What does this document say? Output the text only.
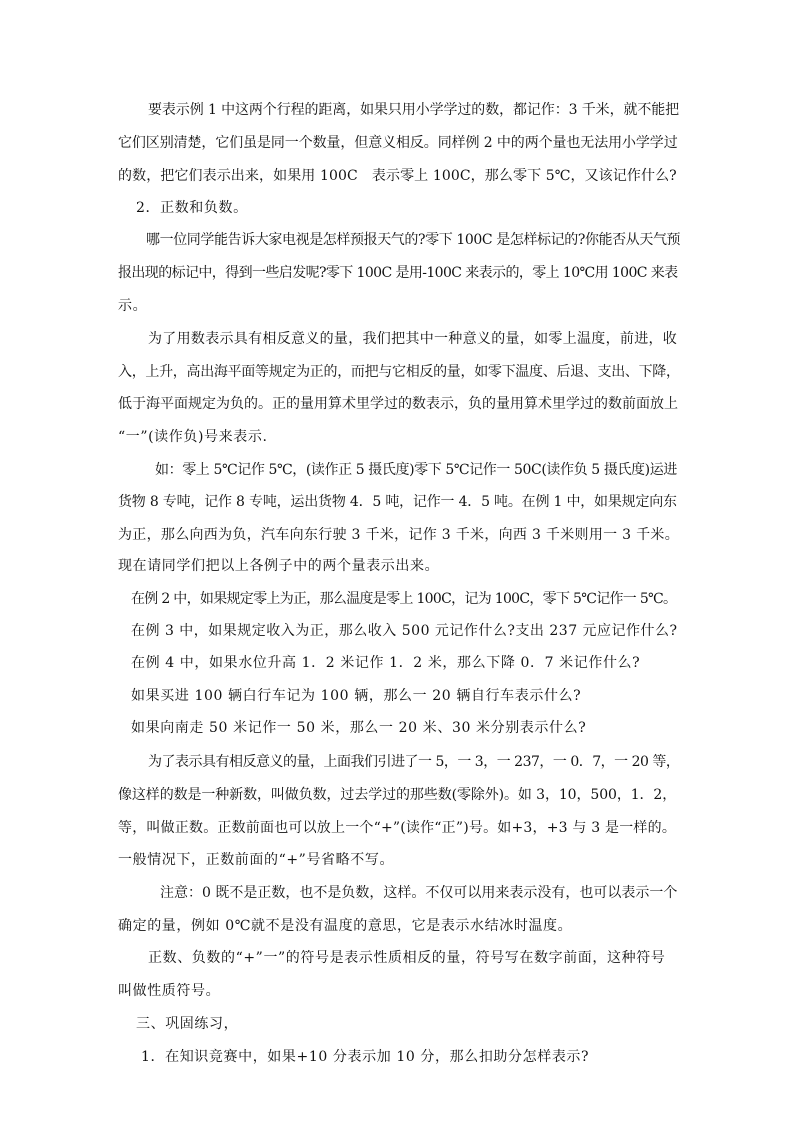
要表示例 1 中这两个行程的距离，如果只用小学学过的数，都记作：3 千米，就不能把
它们区别清楚，它们虽是同一个数量，但意义相反。同样例 2 中的两个量也无法用小学学过
的数，把它们表示出来，如果用 100C　表示零上 100C，那么零下 5℃，又该记作什么?
2．正数和负数。
哪一位同学能告诉大家电视是怎样预报天气的?零下 100C 是怎样标记的?你能否从天气预
报出现的标记中，得到一些启发呢?零下 100C 是用-100C 来表示的，零上 10℃用 100C 来表
示。
为了用数表示具有相反意义的量，我们把其中一种意义的量，如零上温度，前进，收
入，上升，高出海平面等规定为正的，而把与它相反的量，如零下温度、后退、支出、下降，
低于海平面规定为负的。正的量用算术里学过的数表示，负的量用算术里学过的数前面放上
“一”(读作负)号来表示.
如：零上 5℃记作 5℃，(读作正 5 摄氏度)零下 5℃记作一 50C(读作负 5 摄氏度)运进
货物 8 专吨，记作 8 专吨，运出货物 4．5 吨，记作一 4．5 吨。在例 1 中，如果规定向东
为正，那么向西为负，汽车向东行驶 3 千米，记作 3 千米，向西 3 千米则用一 3 千米。
现在请同学们把以上各例子中的两个量表示出来。
在例 2 中，如果规定零上为正，那么温度是零上 100C，记为 100C，零下 5℃记作一 5℃。
在例 3 中，如果规定收入为正，那么收入 500 元记作什么?支出 237 元应记作什么?
在例 4 中，如果水位升高 1．2 米记作 1．2 米，那么下降 0．7 米记作什么?
如果买进 100 辆白行车记为 100 辆，那么一 20 辆自行车表示什么?
如果向南走 50 米记作一 50 米，那么一 20 米、30 米分别表示什么?
为了表示具有相反意义的量，上面我们引进了一 5，一 3，一 237，一 0．7，一 20 等，
像这样的数是一种新数，叫做负数，过去学过的那些数(零除外)。如 3，10，500，1．2，
等，叫做正数。正数前面也可以放上一个“+”(读作“正”)号。如+3，+3 与 3 是一样的。
一般情况下，正数前面的“+”号省略不写。
注意：0 既不是正数，也不是负数，这样。不仅可以用来表示没有，也可以表示一个
确定的量，例如 0℃就不是没有温度的意思，它是表示水结冰时温度。
正数、负数的“+”一”的符号是表示性质相反的量，符号写在数字前面，这种符号
叫做性质符号。
三、巩固练习，
1．在知识竞赛中，如果+10 分表示加 10 分，那么扣助分怎样表示?
